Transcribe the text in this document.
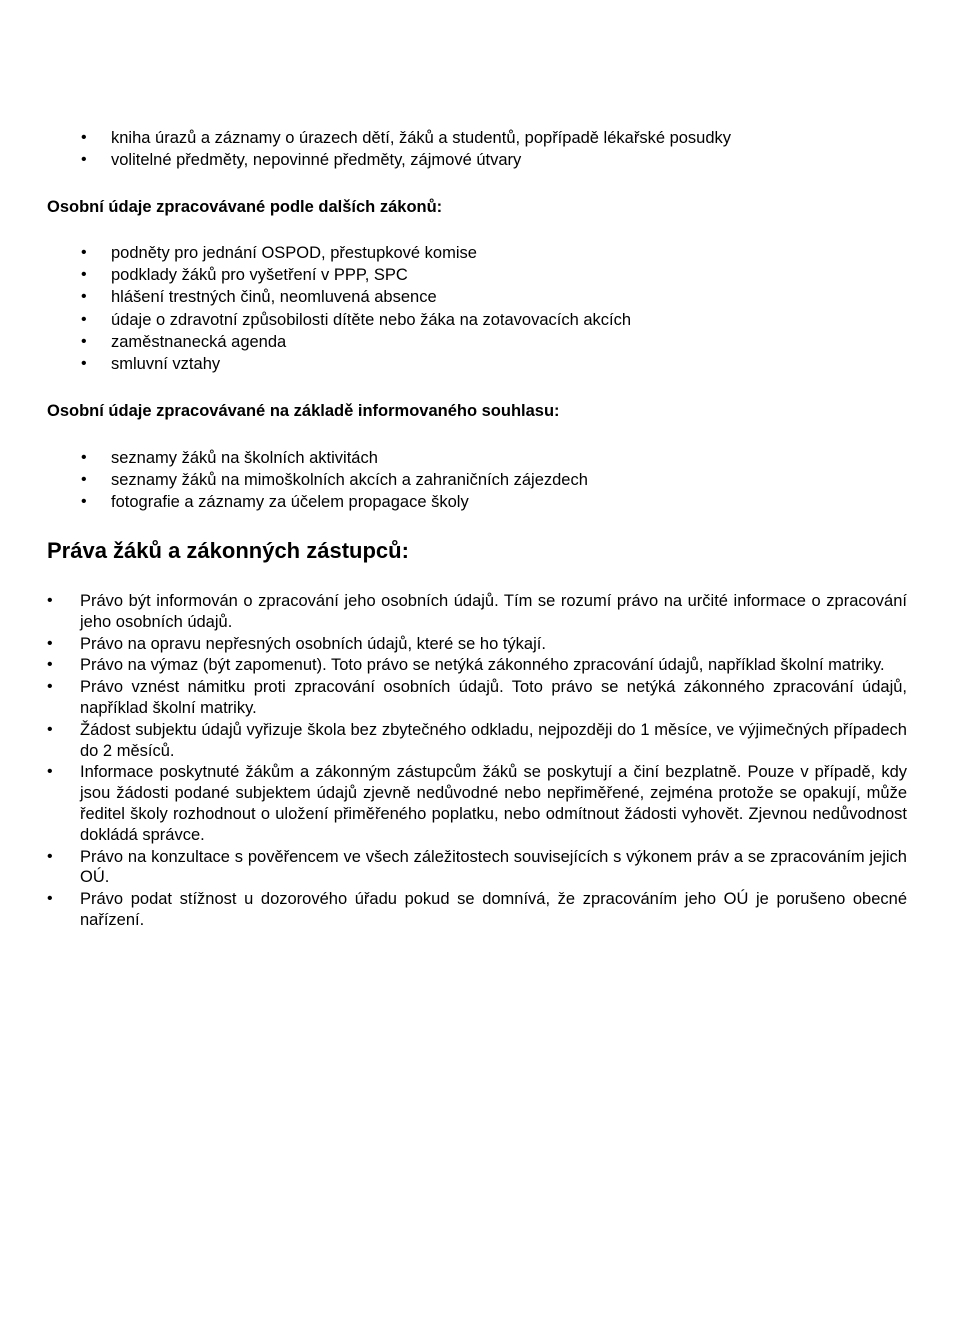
• kniha úrazů a záznamy o úrazech dětí, žáků a studentů, popřípadě lékařské posudky
• volitelné předměty, nepovinné předměty, zájmové útvary
Osobní údaje zpracovávané podle dalších zákonů:
• podněty pro jednání OSPOD, přestupkové komise
• podklady žáků pro vyšetření v PPP, SPC
• hlášení trestných činů, neomluvená absence
• údaje o zdravotní způsobilosti dítěte nebo žáka na zotavovacích akcích
• zaměstnanecká agenda
• smluvní vztahy
Osobní údaje zpracovávané na základě informovaného souhlasu:
• seznamy žáků na školních aktivitách
• seznamy žáků na mimoškolních akcích a zahraničních zájezdech
• fotografie a záznamy za účelem propagace školy
Práva žáků a zákonných zástupců:
• Právo být informován o zpracování jeho osobních údajů. Tím se rozumí právo na určité informace o zpracování jeho osobních údajů.
• Právo na opravu nepřesných osobních údajů, které se ho týkají.
• Právo na výmaz (být zapomenut). Toto právo se netýká zákonného zpracování údajů, například školní matriky.
• Právo vznést námitku proti zpracování osobních údajů. Toto právo se netýká zákonného zpracování údajů, například školní matriky.
• Žádost subjektu údajů vyřizuje škola bez zbytečného odkladu, nejpozději do 1 měsíce, ve výjimečných případech do 2 měsíců.
• Informace poskytnuté žákům a zákonným zástupcům žáků se poskytují a činí bezplatně. Pouze v případě, kdy jsou žádosti podané subjektem údajů zjevně nedůvodné nebo nepřiměřené, zejména protože se opakují, může ředitel školy rozhodnout o uložení přiměřeného poplatku, nebo odmítnout žádosti vyhovět. Zjevnou nedůvodnost dokládá správce.
• Právo na konzultace s pověřencem ve všech záležitostech souvisejících s výkonem práv a se zpracováním jejich OÚ.
• Právo podat stížnost u dozorového úřadu pokud se domnívá, že zpracováním jeho OÚ je porušeno obecné nařízení.
